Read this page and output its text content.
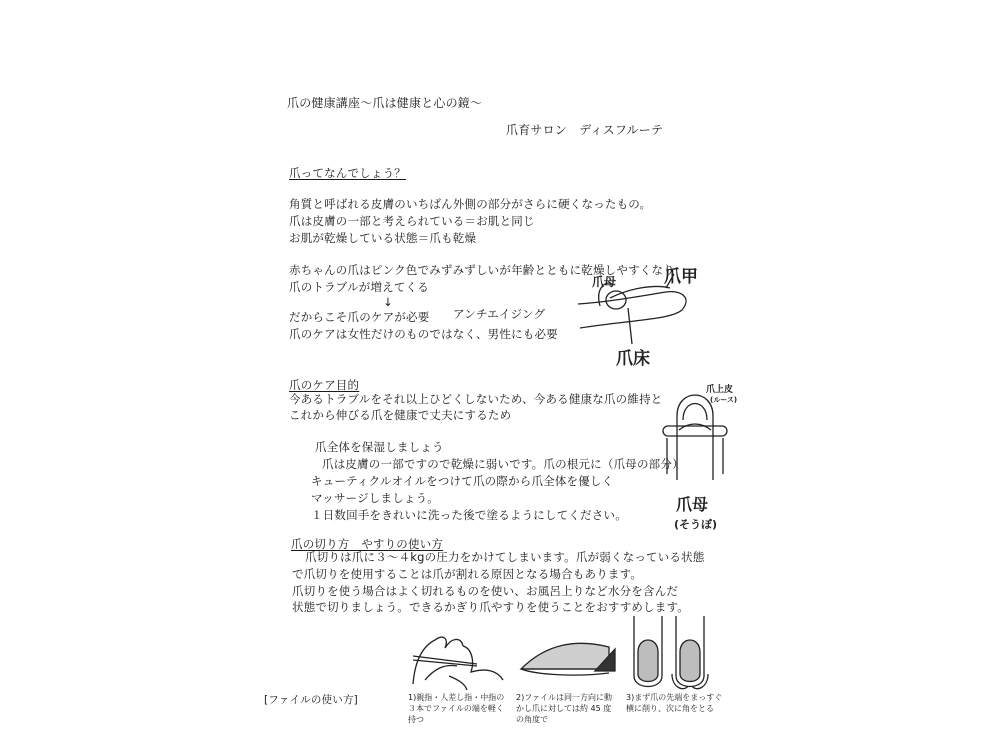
爪の健康講座〜爪は健康と心の鏡〜
爪育サロン　ディスフルーテ
爪ってなんでしょう？
角質と呼ばれる皮膚のいちばん外側の部分がさらに硬くなったもの。
爪は皮膚の一部と考えられている＝お肌と同じ
お肌が乾燥している状態＝爪も乾燥
赤ちゃんの爪はピンク色でみずみずしいが年齢とともに乾燥しやすくなり
爪のトラブルが増えてくる
↓
だからこそ爪のケアが必要 アンチエイジング
爪のケアは女性だけのものではなく、男性にも必要
爪母	爪甲
爪床
爪のケア目的
今あるトラブルをそれ以上ひどくしないため、今ある健康な爪の維持と
これから伸びる爪を健康で丈夫にするため
爪全体を保湿しましょう
爪は皮膚の一部ですので乾燥に弱いです。爪の根元に（爪母の部分）
キューティクルオイルをつけて爪の際から爪全体を優しく
マッサージしましょう。
１日数回手をきれいに洗った後で塗るようにしてください。
爪上皮
(ルース)
爪母
(そうぼ)
爪の切り方　やすりの使い方
爪切りは爪に３〜４kgの圧力をかけてしまいます。爪が弱くなっている状態
で爪切りを使用することは爪が割れる原因となる場合もあります。
爪切りを使う場合はよく切れるものを使い、お風呂上りなど水分を含んだ
状態で切りましょう。できるかぎり爪やすりを使うことをおすすめします。
[ファイルの使い方]	1)親指・人差し指・中指の３本でファイルの端を軽く持つ
2)ファイルは同一方向に動かし爪に対しては約 45 度の角度で
3)まず爪の先端をまっすぐ横に削り、次に角をとる
